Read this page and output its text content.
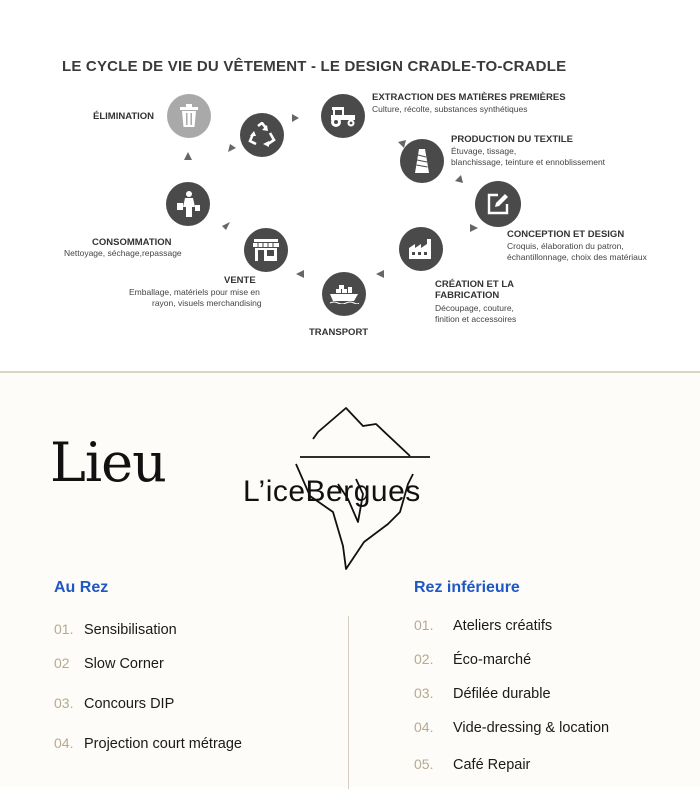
LE CYCLE DE VIE DU VÊTEMENT - LE DESIGN CRADLE-TO-CRADLE
ÉLIMINATION
EXTRACTION DES MATIÈRES PREMIÈRES
Culture, récolte, substances synthétiques
PRODUCTION DU TEXTILE
Étuvage, tissage,
blanchissage, teinture et ennoblissement
CONCEPTION ET DESIGN
Croquis, élaboration du patron,
échantillonnage, choix des matériaux
CRÉATION ET LA
FABRICATION
Découpage, couture,
finition et accessoires
TRANSPORT
VENTE
Emballage, matériels pour mise en
rayon, visuels merchandising
CONSOMMATION
Nettoyage, séchage,repassage
Lieu	L’iceBergues
Au Rez
01. Sensibilisation
02 Slow Corner
03. Concours DIP
04. Projection court métrage
Rez inférieure
01.	Ateliers créatifs
02.	Éco-marché
03.	Défilée durable
04.	Vide-dressing & location
05.	Café Repair
